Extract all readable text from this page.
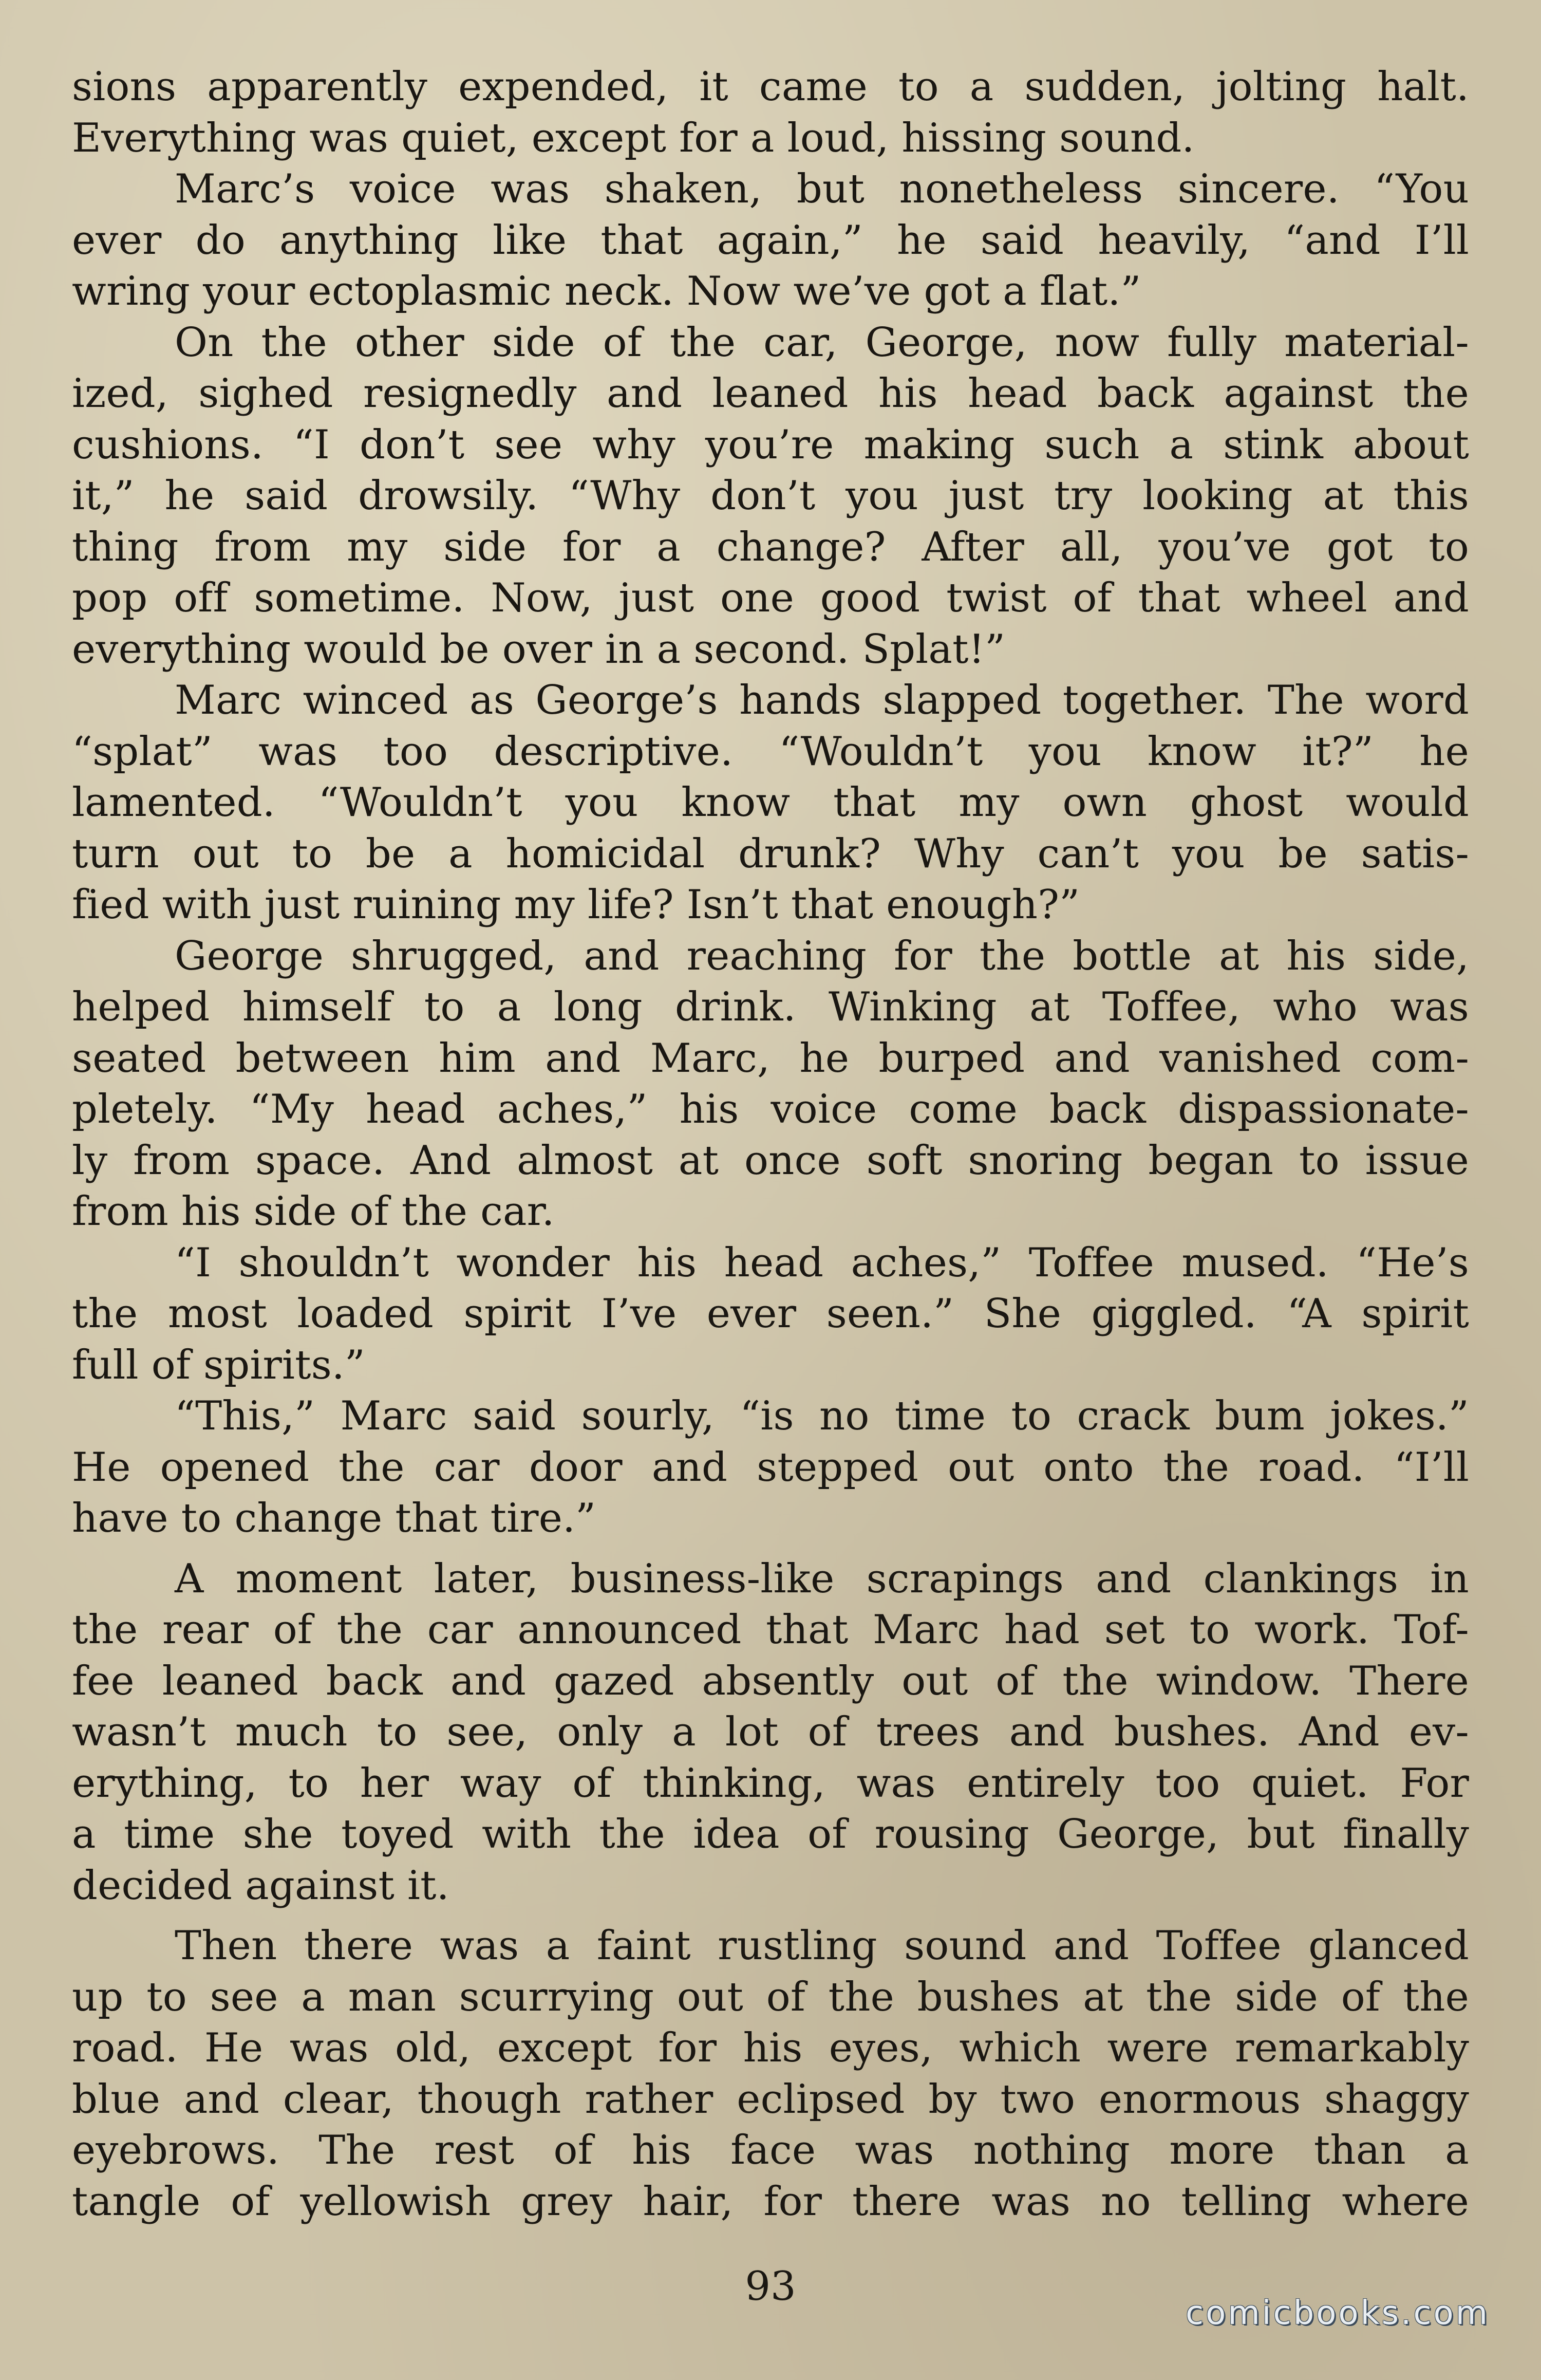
sions apparently expended, it came to a sudden, jolting halt.
Everything was quiet, except for a loud, hissing sound.

Marc’s voice was shaken, but nonetheless sincere. “You
ever do anything like that again,” he said heavily, “and I’ll
wring your ectoplasmic neck. Now we’ve got a flat.”

On the other side of the car, George, now fully material-
ized, sighed resignedly and leaned his head back against the
cushions. “I don’t see why you’re making such a stink about
it,” he said drowsily. “Why don’t you just try looking at this
thing from my side for a change? After all, you’ve got to
pop off sometime. Now, just one good twist of that wheel and
everything would be over in a second. Splat!”

Marc winced as George’s hands slapped together. The word
“splat” was too descriptive. “Wouldn’t you know it?” he
lamented. “Wouldn’t you know that my own ghost would
turn out to be a homicidal drunk? Why can’t you be satis-
fied with just ruining my life? Isn’t that enough?”

George shrugged, and reaching for the bottle at his side,
helped himself to a long drink. Winking at Toffee, who was
seated between him and Marc, he burped and vanished com-
pletely. “My head aches,” his voice come back dispassionate-
ly from space. And almost at once soft snoring began to issue
from his side of the car.

“I shouldn’t wonder his head aches,” Toffee mused. “He’s
the most loaded spirit I’ve ever seen.” She giggled. “A spirit
full of spirits.”

“This,” Marc said sourly, “is no time to crack bum jokes.”
He opened the car door and stepped out onto the road. “I’ll
have to change that tire.”

A moment later, business-like scrapings and clankings in
the rear of the car announced that Marc had set to work. Tof-
fee leaned back and gazed absently out of the window. There
wasn’t much to see, only a lot of trees and bushes. And ev-
erything, to her way of thinking, was entirely too quiet. For
a time she toyed with the idea of rousing George, but finally
decided against it.

Then there was a faint rustling sound and Toffee glanced
up to see a man scurrying out of the bushes at the side of the
road. He was old, except for his eyes, which were remarkably
blue and clear, though rather eclipsed by two enormous shaggy
eyebrows. The rest of his face was nothing more than a
tangle of yellowish grey hair, for there was no telling where

93
comicbooks.com
